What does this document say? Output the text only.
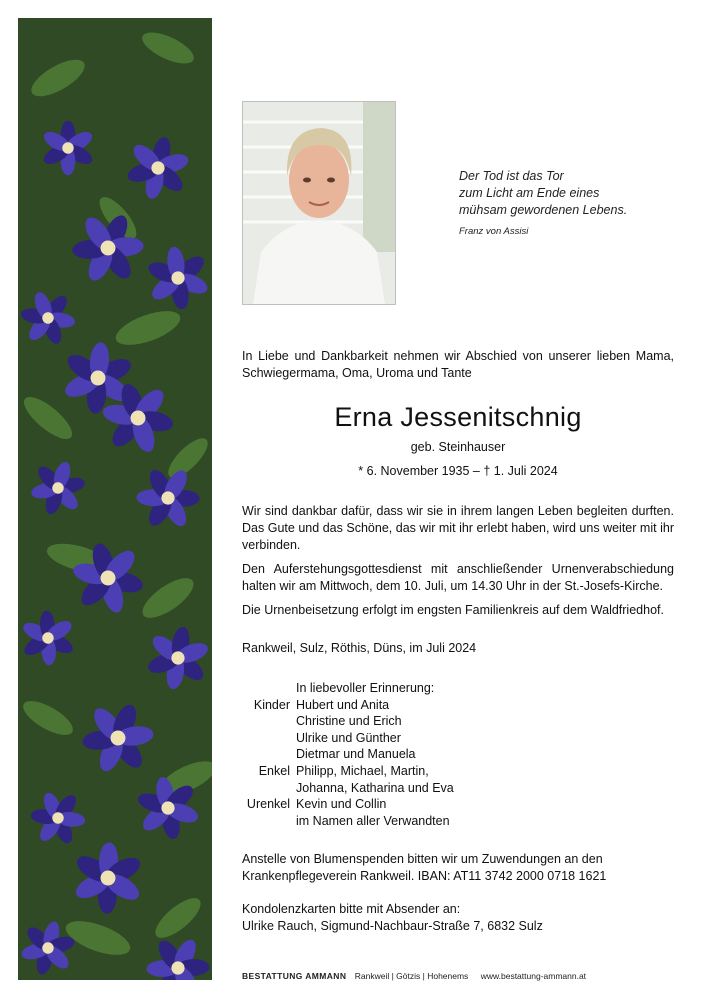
Der Tod ist das Tor
zum Licht am Ende eines
mühsam gewordenen Lebens.
Franz von Assisi
In Liebe und Dankbarkeit nehmen wir Abschied von unserer lieben Mama, Schwiegermama, Oma, Uroma und Tante
Erna Jessenitschnig
geb. Steinhauser
* 6. November 1935 – † 1. Juli 2024
Wir sind dankbar dafür, dass wir sie in ihrem langen Leben begleiten durften. Das Gute und das Schöne, das wir mit ihr erlebt haben, wird uns weiter mit ihr verbinden.
Den Auferstehungsgottesdienst mit anschließender Urnenverabschiedung halten wir am Mittwoch, dem 10. Juli, um 14.30 Uhr in der St.-Josefs-Kirche.
Die Urnenbeisetzung erfolgt im engsten Familienkreis auf dem Waldfriedhof.
Rankweil, Sulz, Röthis, Düns, im Juli 2024
In liebevoller Erinnerung:
Kinder Hubert und Anita
Christine und Erich
Ulrike und Günther
Dietmar und Manuela
Enkel Philipp, Michael, Martin,
Johanna, Katharina und Eva
Urenkel Kevin und Collin
im Namen aller Verwandten
Anstelle von Blumenspenden bitten wir um Zuwendungen an den Krankenpflegeverein Rankweil. IBAN: AT11 3742 2000 0718 1621
Kondolenzkarten bitte mit Absender an:
Ulrike Rauch, Sigmund-Nachbaur-Straße 7, 6832 Sulz
BESTATTUNG AMMANN Rankweil | Götzis | Hohenems www.bestattung-ammann.at
